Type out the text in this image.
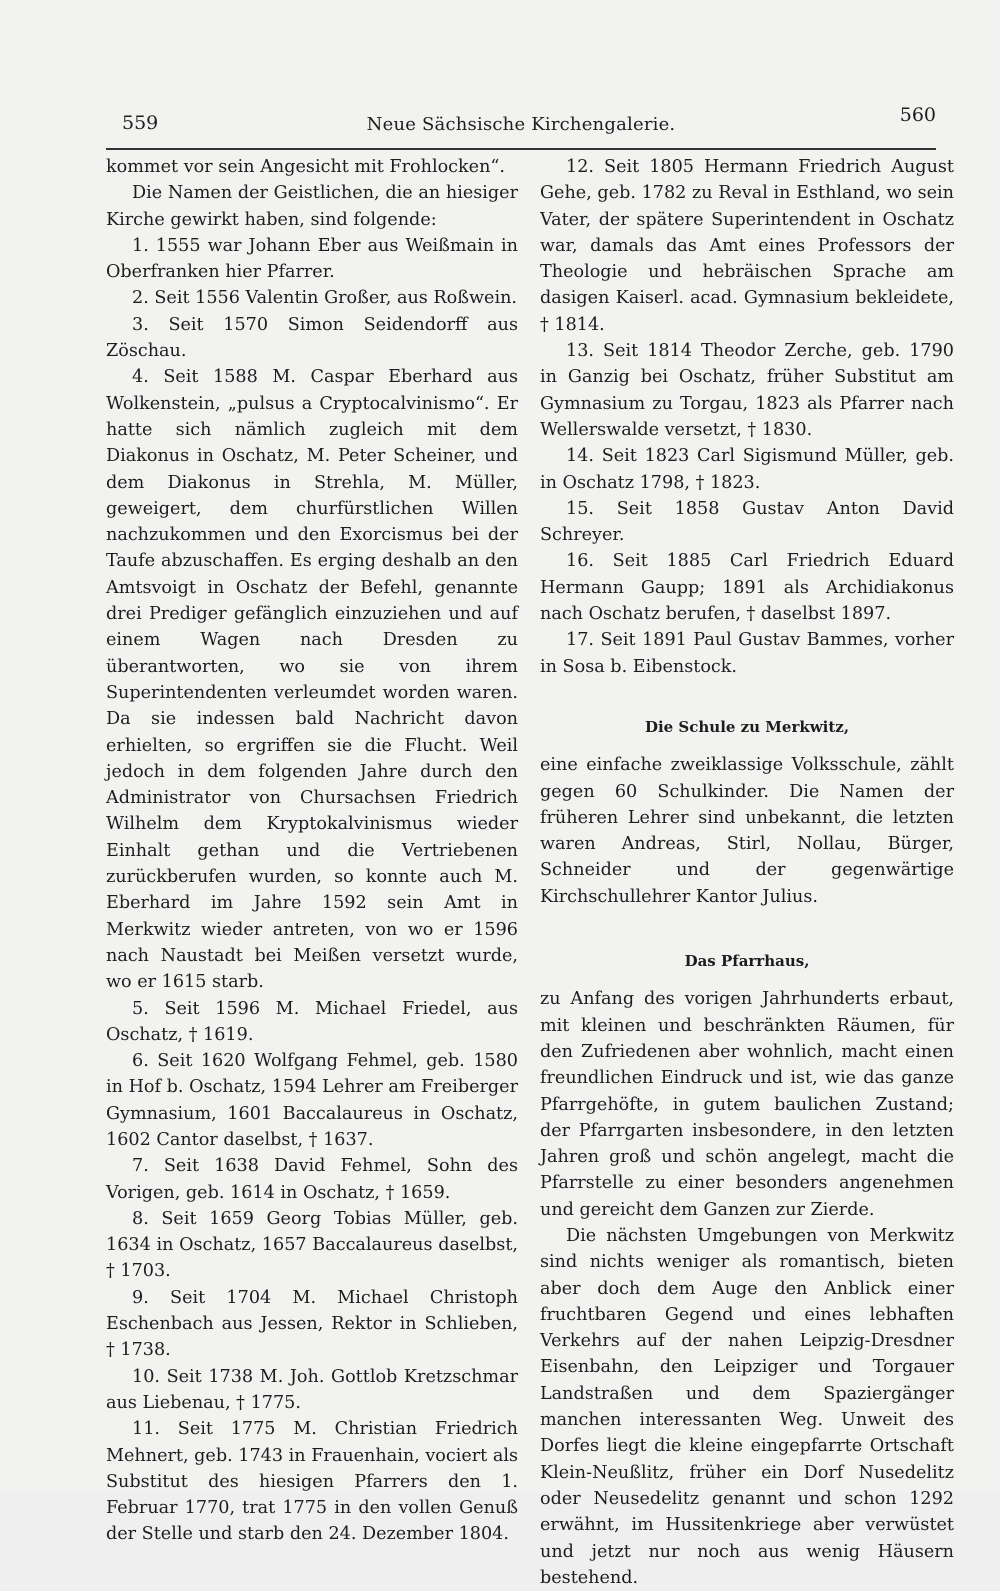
559	Neue Sächsische Kirchengalerie.	560

kommet vor sein Angesicht mit Frohlocken“.

Die Namen der Geistlichen, die an hiesiger Kirche gewirkt haben, sind folgende:

1. 1555 war Johann Eber aus Weißmain in Oberfranken hier Pfarrer.

2. Seit 1556 Valentin Großer, aus Roßwein.

3. Seit 1570 Simon Seidendorff aus Zöschau.

4. Seit 1588 M. Caspar Eberhard aus Wolkenstein, „pulsus a Cryptocalvinismo“. Er hatte sich nämlich zugleich mit dem Diakonus in Oschatz, M. Peter Scheiner, und dem Diakonus in Strehla, M. Müller, geweigert, dem churfürstlichen Willen nachzukommen und den Exorcismus bei der Taufe abzuschaffen. Es erging deshalb an den Amtsvoigt in Oschatz der Befehl, genannte drei Prediger gefänglich einzuziehen und auf einem Wagen nach Dresden zu überantworten, wo sie von ihrem Superintendenten verleumdet worden waren. Da sie indessen bald Nachricht davon erhielten, so ergriffen sie die Flucht. Weil jedoch in dem folgenden Jahre durch den Administrator von Chursachsen Friedrich Wilhelm dem Kryptokalvinismus wieder Einhalt gethan und die Vertriebenen zurückberufen wurden, so konnte auch M. Eberhard im Jahre 1592 sein Amt in Merkwitz wieder antreten, von wo er 1596 nach Naustadt bei Meißen versetzt wurde, wo er 1615 starb.

5. Seit 1596 M. Michael Friedel, aus Oschatz, † 1619.

6. Seit 1620 Wolfgang Fehmel, geb. 1580 in Hof b. Oschatz, 1594 Lehrer am Freiberger Gymnasium, 1601 Baccalaureus in Oschatz, 1602 Cantor daselbst, † 1637.

7. Seit 1638 David Fehmel, Sohn des Vorigen, geb. 1614 in Oschatz, † 1659.

8. Seit 1659 Georg Tobias Müller, geb. 1634 in Oschatz, 1657 Baccalaureus daselbst, † 1703.

9. Seit 1704 M. Michael Christoph Eschenbach aus Jessen, Rektor in Schlieben, † 1738.

10. Seit 1738 M. Joh. Gottlob Kretzschmar aus Liebenau, † 1775.

11. Seit 1775 M. Christian Friedrich Mehnert, geb. 1743 in Frauenhain, vociert als Substitut des hiesigen Pfarrers den 1. Februar 1770, trat 1775 in den vollen Genuß der Stelle und starb den 24. Dezember 1804.

12. Seit 1805 Hermann Friedrich August Gehe, geb. 1782 zu Reval in Esthland, wo sein Vater, der spätere Superintendent in Oschatz war, damals das Amt eines Professors der Theologie und hebräischen Sprache am dasigen Kaiserl. acad. Gymnasium bekleidete, † 1814.

13. Seit 1814 Theodor Zerche, geb. 1790 in Ganzig bei Oschatz, früher Substitut am Gymnasium zu Torgau, 1823 als Pfarrer nach Wellerswalde versetzt, † 1830.

14. Seit 1823 Carl Sigismund Müller, geb. in Oschatz 1798, † 1823.

15. Seit 1858 Gustav Anton David Schreyer.

16. Seit 1885 Carl Friedrich Eduard Hermann Gaupp; 1891 als Archidiakonus nach Oschatz berufen, † daselbst 1897.

17. Seit 1891 Paul Gustav Bammes, vorher in Sosa b. Eibenstock.

Die Schule zu Merkwitz,

eine einfache zweiklassige Volksschule, zählt gegen 60 Schulkinder. Die Namen der früheren Lehrer sind unbekannt, die letzten waren Andreas, Stirl, Nollau, Bürger, Schneider und der gegenwärtige Kirchschullehrer Kantor Julius.

Das Pfarrhaus,

zu Anfang des vorigen Jahrhunderts erbaut, mit kleinen und beschränkten Räumen, für den Zufriedenen aber wohnlich, macht einen freundlichen Eindruck und ist, wie das ganze Pfarrgehöfte, in gutem baulichen Zustand; der Pfarrgarten insbesondere, in den letzten Jahren groß und schön angelegt, macht die Pfarrstelle zu einer besonders angenehmen und gereicht dem Ganzen zur Zierde.

Die nächsten Umgebungen von Merkwitz sind nichts weniger als romantisch, bieten aber doch dem Auge den Anblick einer fruchtbaren Gegend und eines lebhaften Verkehrs auf der nahen Leipzig-Dresdner Eisenbahn, den Leipziger und Torgauer Landstraßen und dem Spaziergänger manchen interessanten Weg. Unweit des Dorfes liegt die kleine eingepfarrte Ortschaft Klein-Neußlitz, früher ein Dorf Nusedelitz oder Neusedelitz genannt und schon 1292 erwähnt, im Hussitenkriege aber verwüstet und jetzt nur noch aus wenig Häusern bestehend.
